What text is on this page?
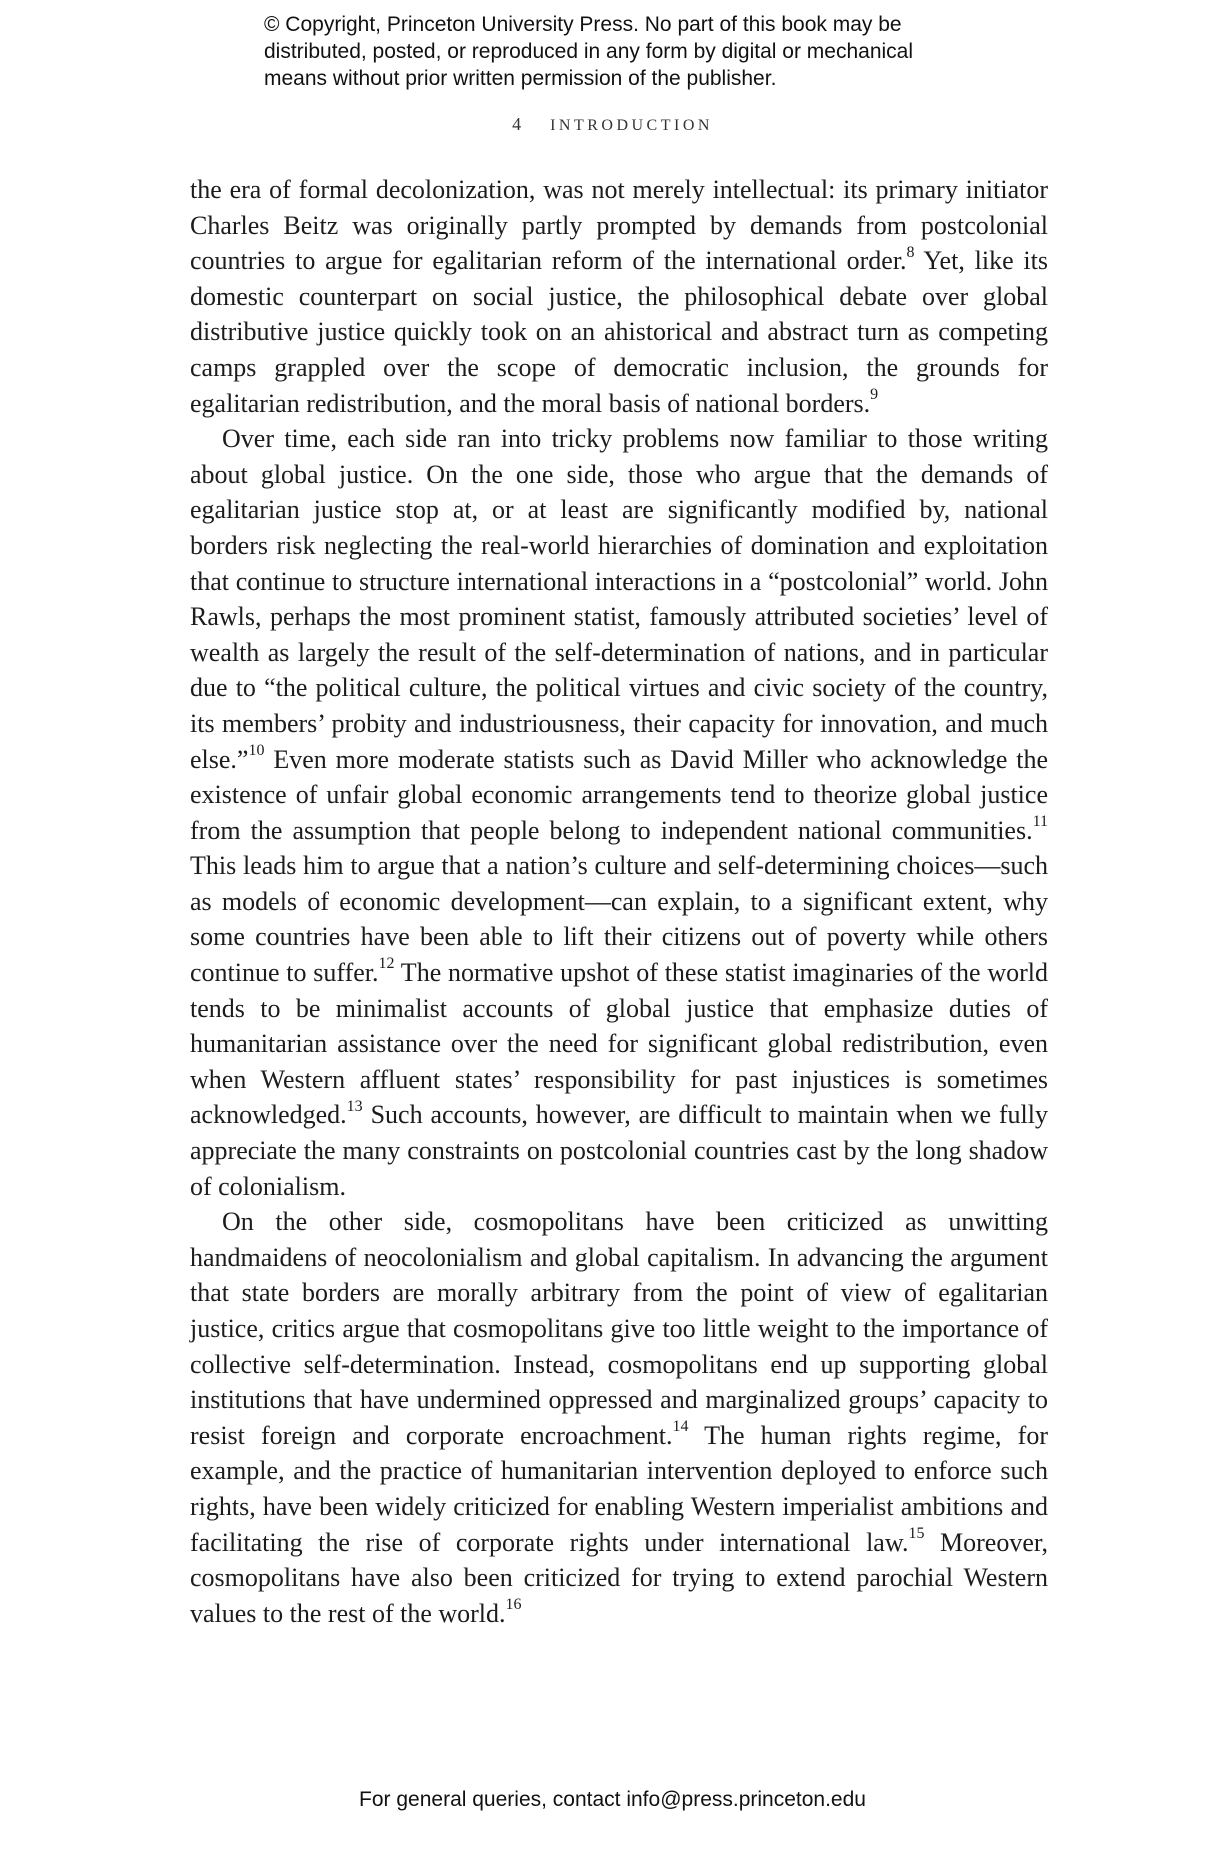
© Copyright, Princeton University Press. No part of this book may be
distributed, posted, or reproduced in any form by digital or mechanical
means without prior written permission of the publisher.
4 INTRODUCTION

the era of formal decolonization, was not merely intellectual: its primary initiator Charles Beitz was originally partly prompted by demands from postcolonial countries to argue for egalitarian reform of the international order.$^8$ Yet, like its domestic counterpart on social justice, the philosophical debate over global distributive justice quickly took on an ahistorical and abstract turn as competing camps grappled over the scope of democratic inclusion, the grounds for egalitarian redistribution, and the moral basis of national borders.$^9$

Over time, each side ran into tricky problems now familiar to those writing about global justice. On the one side, those who argue that the demands of egalitarian justice stop at, or at least are significantly modified by, national borders risk neglecting the real-world hierarchies of domination and exploitation that continue to structure international interactions in a “postcolonial” world. John Rawls, perhaps the most prominent statist, famously attributed societies’ level of wealth as largely the result of the self-determination of nations, and in particular due to “the political culture, the political virtues and civic society of the country, its members’ probity and industriousness, their capacity for innovation, and much else.”$^{10}$ Even more moderate statists such as David Miller who acknowledge the existence of unfair global economic arrangements tend to theorize global justice from the assumption that people belong to independent national communities.$^{11}$ This leads him to argue that a nation’s culture and self-determining choices—such as models of economic development—can explain, to a significant extent, why some countries have been able to lift their citizens out of poverty while others continue to suffer.$^{12}$ The normative upshot of these statist imaginaries of the world tends to be minimalist accounts of global justice that emphasize duties of humanitarian assistance over the need for significant global redistribution, even when Western affluent states’ responsibility for past injustices is sometimes acknowledged.$^{13}$ Such accounts, however, are difficult to maintain when we fully appreciate the many constraints on postcolonial countries cast by the long shadow of colonialism.

On the other side, cosmopolitans have been criticized as unwitting handmaidens of neocolonialism and global capitalism. In advancing the argument that state borders are morally arbitrary from the point of view of egalitarian justice, critics argue that cosmopolitans give too little weight to the importance of collective self-determination. Instead, cosmopolitans end up supporting global institutions that have undermined oppressed and marginalized groups’ capacity to resist foreign and corporate encroachment.$^{14}$ The human rights regime, for example, and the practice of humanitarian intervention deployed to enforce such rights, have been widely criticized for enabling Western imperialist ambitions and facilitating the rise of corporate rights under international law.$^{15}$ Moreover, cosmopolitans have also been criticized for trying to extend parochial Western values to the rest of the world.$^{16}$

For general queries, contact info@press.princeton.edu
